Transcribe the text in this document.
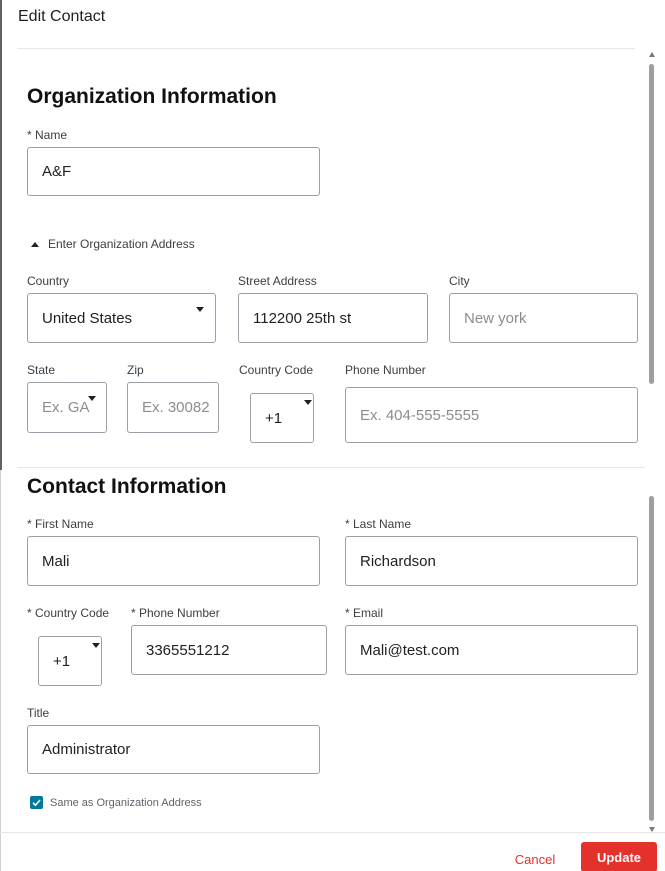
Edit Contact
Organization Information
* Name
A&F
Enter Organization Address
Country
United States
Street Address
112200 25th st
City
New york
State
Ex. GA
Zip
Ex. 30082
Country Code
+1
Phone Number
Ex. 404-555-5555
Contact Information
* First Name
Mali
* Last Name
Richardson
* Country Code
+1
* Phone Number
3365551212
* Email
Mali@test.com
Title
Administrator
Same as Organization Address
Cancel	Update
